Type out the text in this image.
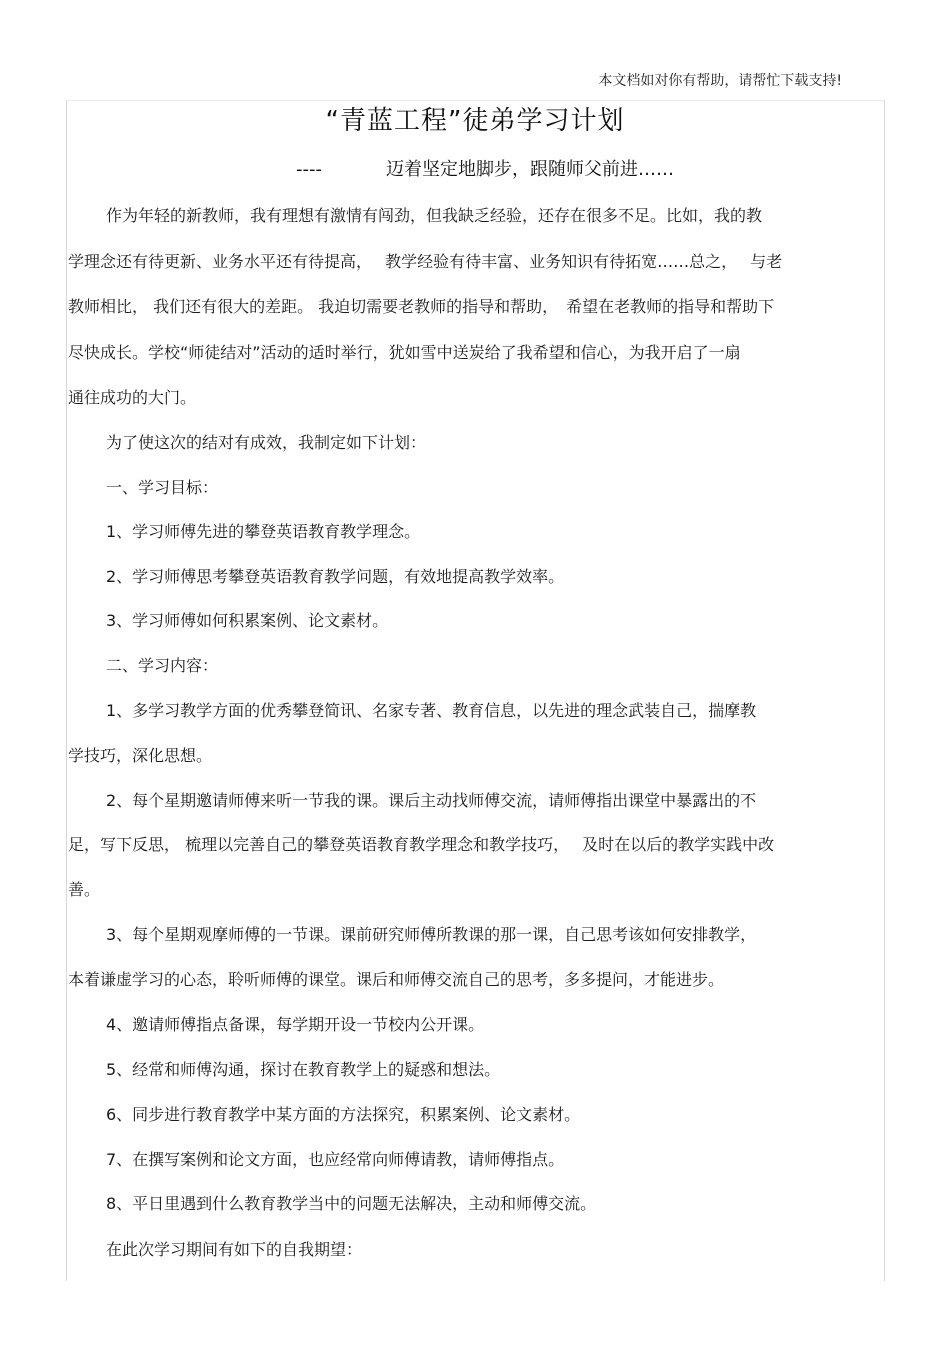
本文档如对你有帮助，请帮忙下载支持!
“青蓝工程”徒弟学习计划
----	迈着坚定地脚步，跟随师父前进……
作为年轻的新教师，我有理想有激情有闯劲，但我缺乏经验，还存在很多不足。比如，我的教
学理念还有待更新、业务水平还有待提高，　 教学经验有待丰富、业务知识有待拓宽……总之，　 与老
教师相比， 我们还有很大的差距。 我迫切需要老教师的指导和帮助，　希望在老教师的指导和帮助下
尽快成长。学校“师徒结对”活动的适时举行，犹如雪中送炭给了我希望和信心，为我开启了一扇
通往成功的大门。
为了使这次的结对有成效，我制定如下计划：
一、学习目标：
1、学习师傅先进的攀登英语教育教学理念。
2、学习师傅思考攀登英语教育教学问题，有效地提高教学效率。
3、学习师傅如何积累案例、论文素材。
二、学习内容：
1、多学习教学方面的优秀攀登简讯、名家专著、教育信息，以先进的理念武装自己，揣摩教
学技巧，深化思想。
2、每个星期邀请师傅来听一节我的课。课后主动找师傅交流，请师傅指出课堂中暴露出的不
足，写下反思， 梳理以完善自己的攀登英语教育教学理念和教学技巧，　 及时在以后的教学实践中改
善。
3、每个星期观摩师傅的一节课。课前研究师傅所教课的那一课，自己思考该如何安排教学，
本着谦虚学习的心态，聆听师傅的课堂。课后和师傅交流自己的思考，多多提问，才能进步。
4、邀请师傅指点备课，每学期开设一节校内公开课。
5、经常和师傅沟通，探讨在教育教学上的疑惑和想法。
6、同步进行教育教学中某方面的方法探究，积累案例、论文素材。
7、在撰写案例和论文方面，也应经常向师傅请教，请师傅指点。
8、平日里遇到什么教育教学当中的问题无法解决，主动和师傅交流。
在此次学习期间有如下的自我期望：
